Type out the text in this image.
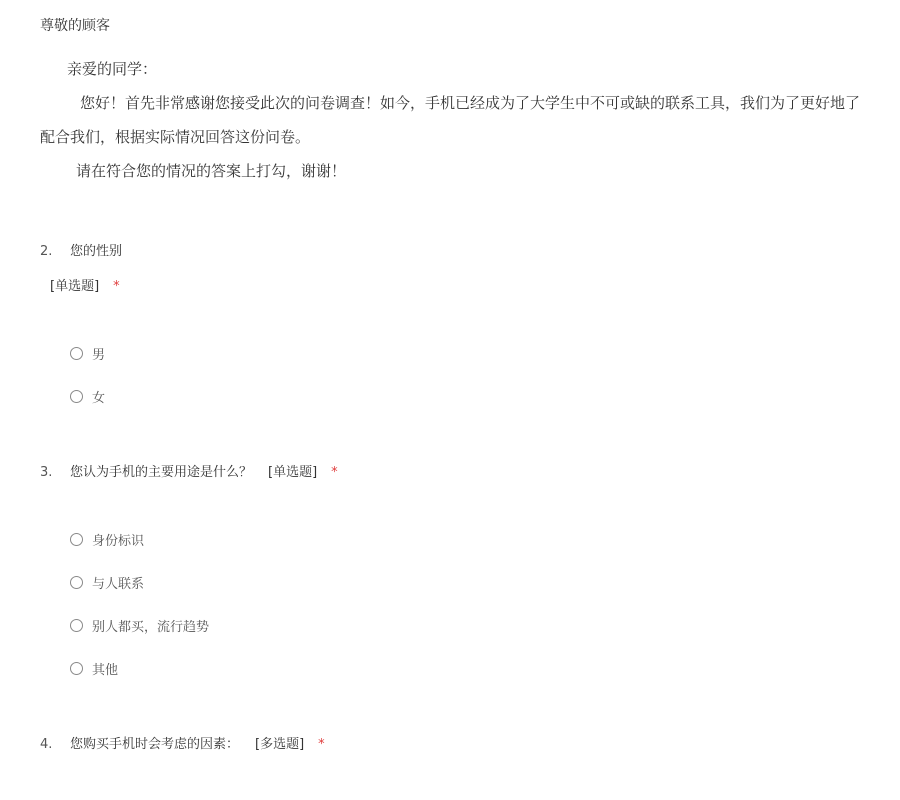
尊敬的顾客
亲爱的同学：
您好！首先非常感谢您接受此次的问卷调查！如今，手机已经成为了大学生中不可或缺的联系工具，我们为了更好地了
配合我们，根据实际情况回答这份问卷。
请在符合您的情况的答案上打勾，谢谢！
2. 您的性别
[单选题] *
男
女
3. 您认为手机的主要用途是什么？ [单选题] *
身份标识
与人联系
别人都买，流行趋势
其他
4. 您购买手机时会考虑的因素： [多选题] *
